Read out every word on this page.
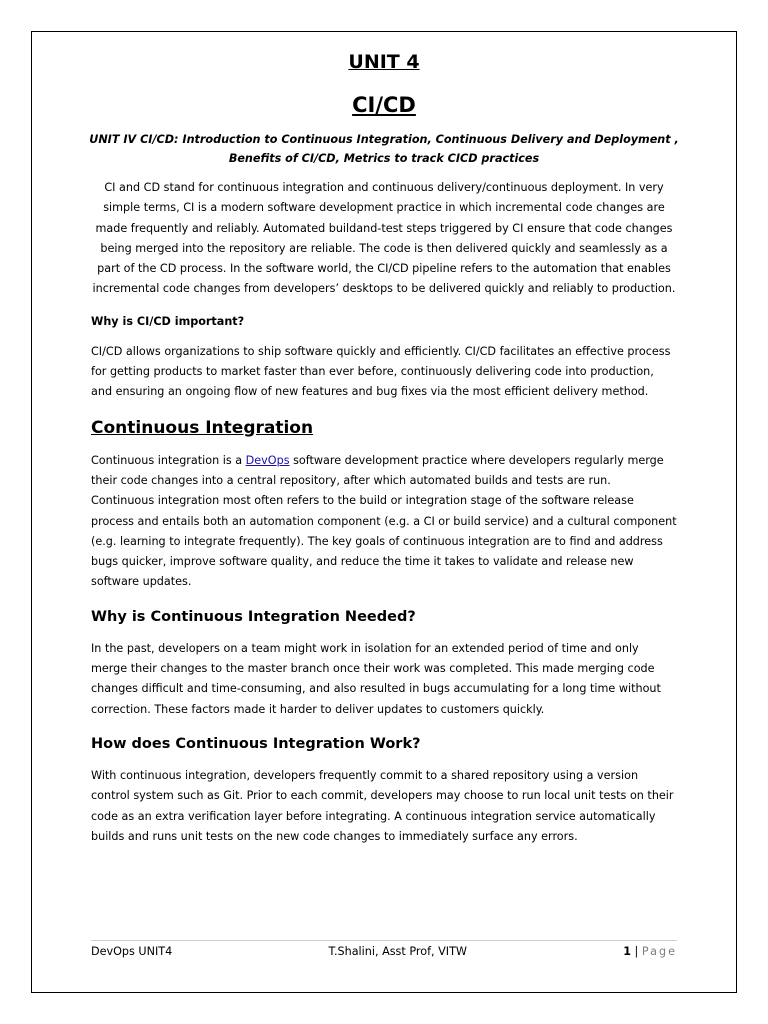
UNIT 4
CI/CD
UNIT IV CI/CD: Introduction to Continuous Integration, Continuous Delivery and Deployment , Benefits of CI/CD, Metrics to track CICD practices

CI and CD stand for continuous integration and continuous delivery/continuous deployment. In very simple terms, CI is a modern software development practice in which incremental code changes are made frequently and reliably. Automated buildand-test steps triggered by CI ensure that code changes being merged into the repository are reliable. The code is then delivered quickly and seamlessly as a part of the CD process. In the software world, the CI/CD pipeline refers to the automation that enables incremental code changes from developers’ desktops to be delivered quickly and reliably to production.

Why is CI/CD important?

CI/CD allows organizations to ship software quickly and efficiently. CI/CD facilitates an effective process for getting products to market faster than ever before, continuously delivering code into production, and ensuring an ongoing flow of new features and bug fixes via the most efficient delivery method.

Continuous Integration

Continuous integration is a DevOps software development practice where developers regularly merge their code changes into a central repository, after which automated builds and tests are run. Continuous integration most often refers to the build or integration stage of the software release process and entails both an automation component (e.g. a CI or build service) and a cultural component (e.g. learning to integrate frequently). The key goals of continuous integration are to find and address bugs quicker, improve software quality, and reduce the time it takes to validate and release new software updates.

Why is Continuous Integration Needed?

In the past, developers on a team might work in isolation for an extended period of time and only merge their changes to the master branch once their work was completed. This made merging code changes difficult and time-consuming, and also resulted in bugs accumulating for a long time without correction. These factors made it harder to deliver updates to customers quickly.

How does Continuous Integration Work?

With continuous integration, developers frequently commit to a shared repository using a version control system such as Git. Prior to each commit, developers may choose to run local unit tests on their code as an extra verification layer before integrating. A continuous integration service automatically builds and runs unit tests on the new code changes to immediately surface any errors.

DevOps UNIT4	T.Shalini, Asst Prof, VITW	1 | Page
